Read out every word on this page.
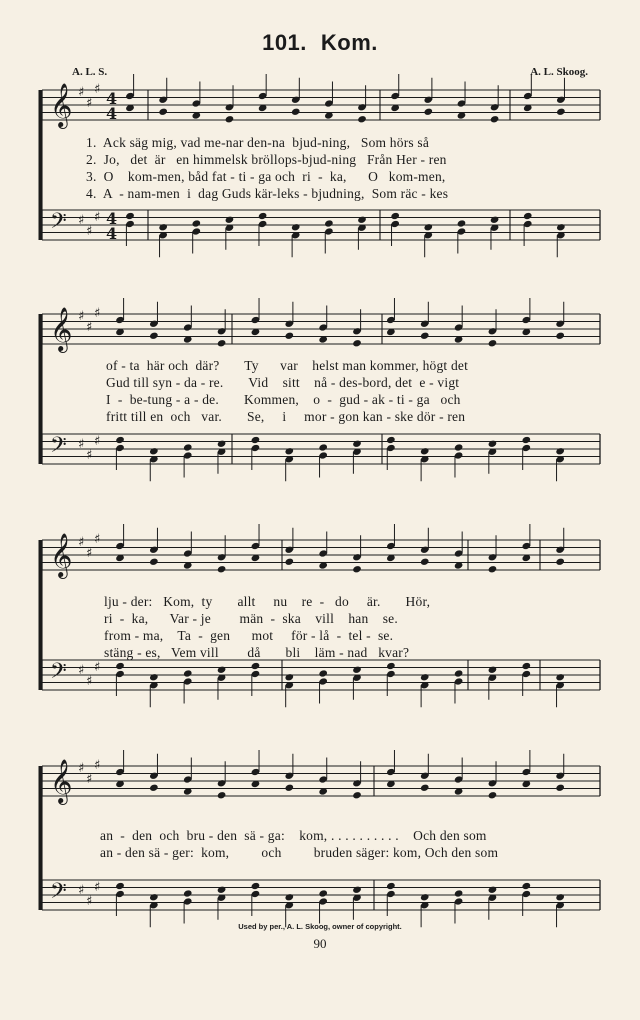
101. Kom.
A. L. S.	A. L. Skoog.
𝄞 ♯
♯
♯ 4
4
𝄢 ♯
♯
♯ 4
4
𝄞 ♯
♯
♯
𝄢 ♯
♯
♯
𝄞 ♯
♯
♯
𝄢 ♯
♯
♯
𝄞 ♯
♯
♯
𝄢 ♯
♯
♯
1.  Ack säg mig, vad me-nar den-na  bjud-ning,   Som hörs så
2.  Jo,   det  är   en himmelsk bröllops-bjud-ning   Från Her - ren
3.  O    kom-men, båd fat - ti - ga och  ri  -  ka,      O   kom-men,
4.  A  - nam-men  i  dag Guds kär-leks - bjudning,  Som räc - kes
of - ta  här och  där?       Ty      var    helst man kommer, högt det
Gud till syn - da - re.       Vid    sitt    nå - des-bord, det  e - vigt
I  -  be-tung - a - de.       Kommen,    o  -  gud - ak - ti - ga   och
fritt till en  och   var.       Se,     i     mor - gon kan - ske dör - ren
lju - der:   Kom,  ty       allt     nu    re  -   do     är.       Hör,
ri  -  ka,      Var - je        män  -  ska    vill    han    se.
from - ma,    Ta  -  gen      mot     för - lå  -  tel -  se.
stäng - es,   Vem vill        då       bli    läm - nad   kvar?
an  -  den  och  bru - den  sä - ga:    kom, . . . . . . . . . .    Och den som
an - den sä - ger:  kom,         och         bruden säger: kom, Och den som
Used by per., A. L. Skoog, owner of copyright.
90
